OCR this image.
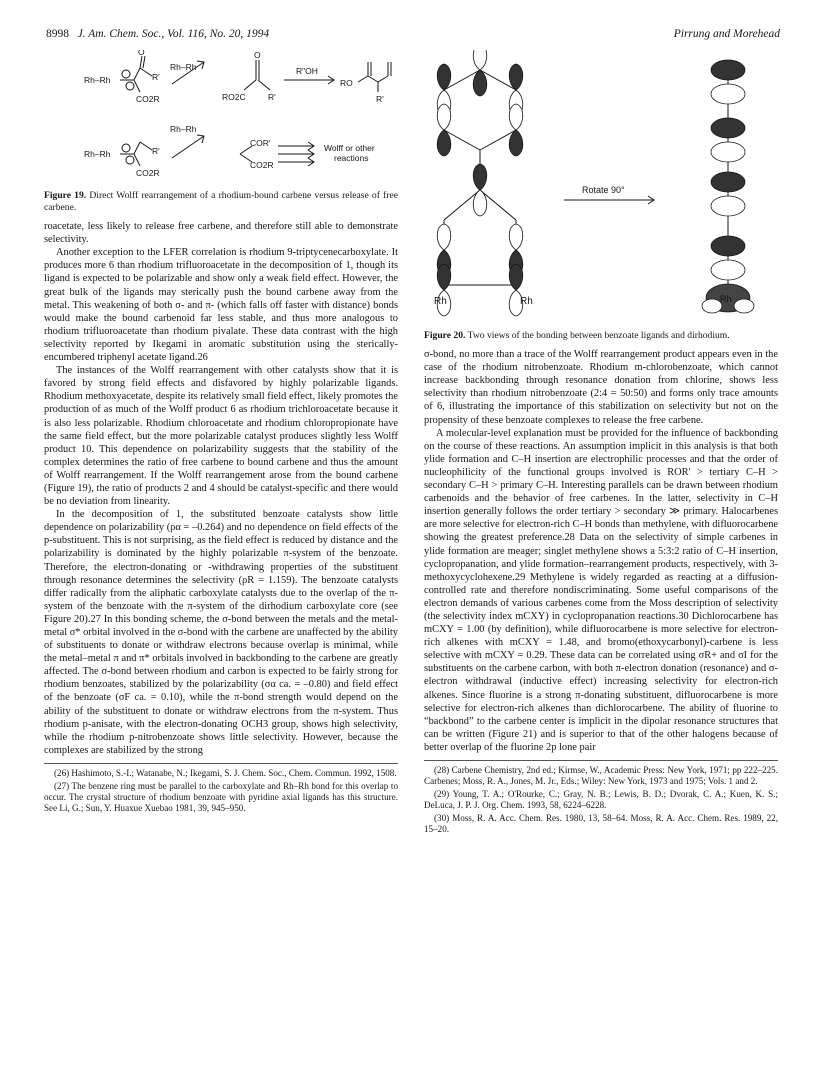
8998 J. Am. Chem. Soc., Vol. 116, No. 20, 1994	Pirrung and Morehead
Rh–Rh	R'
CO2R
O
Rh–Rh
O
RO2C	R'
R"OH
RO
R'
Rh–Rh	R'
CO2R
Rh–Rh
COR'
CO2R
Wolff or other
reactions
Figure 19. Direct Wolff rearrangement of a rhodium-bound carbene versus release of free carbene.

roacetate, less likely to release free carbene, and therefore still able to demonstrate selectivity.

Another exception to the LFER correlation is rhodium 9-triptycenecarboxylate. It produces more 6 than rhodium trifluoroacetate in the decomposition of 1, though its ligand is expected to be polarizable and show only a weak field effect. However, the great bulk of the ligands may sterically push the bound carbene away from the metal. This weakening of both σ- and π- (which falls off faster with distance) bonds would make the bound carbenoid far less stable, and thus more analogous to rhodium trifluoroacetate than rhodium pivalate. These data contrast with the high selectivity reported by Ikegami in aromatic substitution using the sterically-encumbered triphenyl acetate ligand.26

The instances of the Wolff rearrangement with other catalysts show that it is favored by strong field effects and disfavored by highly polarizable ligands. Rhodium methoxyacetate, despite its relatively small field effect, likely promotes the production of as much of the Wolff product 6 as rhodium trichloroacetate because it is also less polarizable. Rhodium chloroacetate and rhodium chloropropionate have the same field effect, but the more polarizable catalyst produces slightly less Wolff product 10. This dependence on polarizability suggests that the stability of the complex determines the ratio of free carbene to bound carbene and thus the amount of Wolff rearrangement. If the Wolff rearrangement arose from the bound carbene (Figure 19), the ratio of products 2 and 4 should be catalyst-specific and there would be no deviation from linearity.

In the decomposition of 1, the substituted benzoate catalysts show little dependence on polarizability (ρα = –0.264) and no dependence on field effects of the p-substituent. This is not surprising, as the field effect is reduced by distance and the polarizability is dominated by the highly polarizable π-system of the benzoate. Therefore, the electron-donating or -withdrawing properties of the substituent through resonance determines the selectivity (ρR = 1.159). The benzoate catalysts differ radically from the aliphatic carboxylate catalysts due to the overlap of the π-system of the benzoate with the π-system of the dirhodium carboxylate core (see Figure 20).27 In this bonding scheme, the σ-bond between the metals and the metal-metal σ* orbital involved in the σ-bond with the carbene are unaffected by the ability of substituents to donate or withdraw electrons because overlap is minimal, while the metal–metal π and π* orbitals involved in backbonding to the carbene are greatly affected. The σ-bond between rhodium and carbon is expected to be fairly strong for rhodium benzoates, stabilized by the polarizability (σα ca. = –0.80) and field effect of the benzoate (σF ca. = 0.10), while the π-bond strength would depend on the ability of the substituent to donate or withdraw electrons from the π-system. Thus rhodium p-anisate, with the electron-donating OCH3 group, shows high selectivity, while the rhodium p-nitrobenzoate shows little selectivity. However, because the complexes are stabilized by the strong

(26) Hashimoto, S.-I.; Watanabe, N.; Ikegami, S. J. Chem. Soc., Chem. Commun. 1992, 1508.
(27) The benzene ring must be parallel to the carboxylate and Rh–Rh bond for this overlap to occur. The crystal structure of rhodium benzoate with pyridine axial ligands has this structure. See Li, G.; Sun, Y. Huaxue Xuebao 1981, 39, 945–950.
Rh	Rh
Rotate 90°
Rh
Figure 20. Two views of the bonding between benzoate ligands and dirhodium.

σ-bond, no more than a trace of the Wolff rearrangement product appears even in the case of the rhodium nitrobenzoate. Rhodium m-chlorobenzoate, which cannot increase backbonding through resonance donation from chlorine, shows less selectivity than rhodium nitrobenzoate (2:4 = 50:50) and forms only trace amounts of 6, illustrating the importance of this stabilization on selectivity but not on the propensity of these benzoate complexes to release the free carbene.

A molecular-level explanation must be provided for the influence of backbonding on the course of these reactions. An assumption implicit in this analysis is that both ylide formation and C–H insertion are electrophilic processes and that the order of nucleophilicity of the functional groups involved is ROR' > tertiary C–H > secondary C–H > primary C–H. Interesting parallels can be drawn between rhodium carbenoids and the behavior of free carbenes. In the latter, selectivity in C–H insertion generally follows the order tertiary > secondary ≫ primary. Halocarbenes are more selective for electron-rich C–H bonds than methylene, with difluorocarbene showing the greatest preference.28 Data on the selectivity of simple carbenes in ylide formation are meager; singlet methylene shows a 5:3:2 ratio of C–H insertion, cyclopropanation, and ylide formation–rearrangement products, respectively, with 3-methoxycyclohexene.29 Methylene is widely regarded as reacting at a diffusion-controlled rate and therefore nondiscriminating. Some useful comparisons of the electron demands of various carbenes come from the Moss description of selectivity (the selectivity index mCXY) in cyclopropanation reactions.30 Dichlorocarbene has mCXY = 1.00 (by definition), while difluorocarbene is more selective for electron-rich alkenes with mCXY = 1.48, and bromo(ethoxycarbonyl)-carbene is less selective with mCXY = 0.29. These data can be correlated using σR+ and σI for the substituents on the carbene carbon, with both π-electron donation (resonance) and σ-electron withdrawal (inductive effect) increasing selectivity for electron-rich alkenes. Since fluorine is a strong π-donating substituent, difluorocarbene is more selective for electron-rich alkenes than dichlorocarbene. The ability of fluorine to “backbond” to the carbene center is implicit in the dipolar resonance structures that can be written (Figure 21) and is superior to that of the other halogens because of better overlap of the fluorine 2p lone pair

(28) Carbene Chemistry, 2nd ed.; Kirmse, W., Academic Press: New York, 1971; pp 222–225. Carbenes; Moss, R. A., Jones, M. Jr., Eds.; Wiley: New York, 1973 and 1975; Vols. 1 and 2.
(29) Young, T. A.; O'Rourke, C.; Gray, N. B.; Lewis, B. D.; Dvorak, C. A.; Kuen, K. S.; DeLuca, J. P. J. Org. Chem. 1993, 58, 6224–6228.
(30) Moss, R. A. Acc. Chem. Res. 1980, 13, 58–64. Moss, R. A. Acc. Chem. Res. 1989, 22, 15–20.
